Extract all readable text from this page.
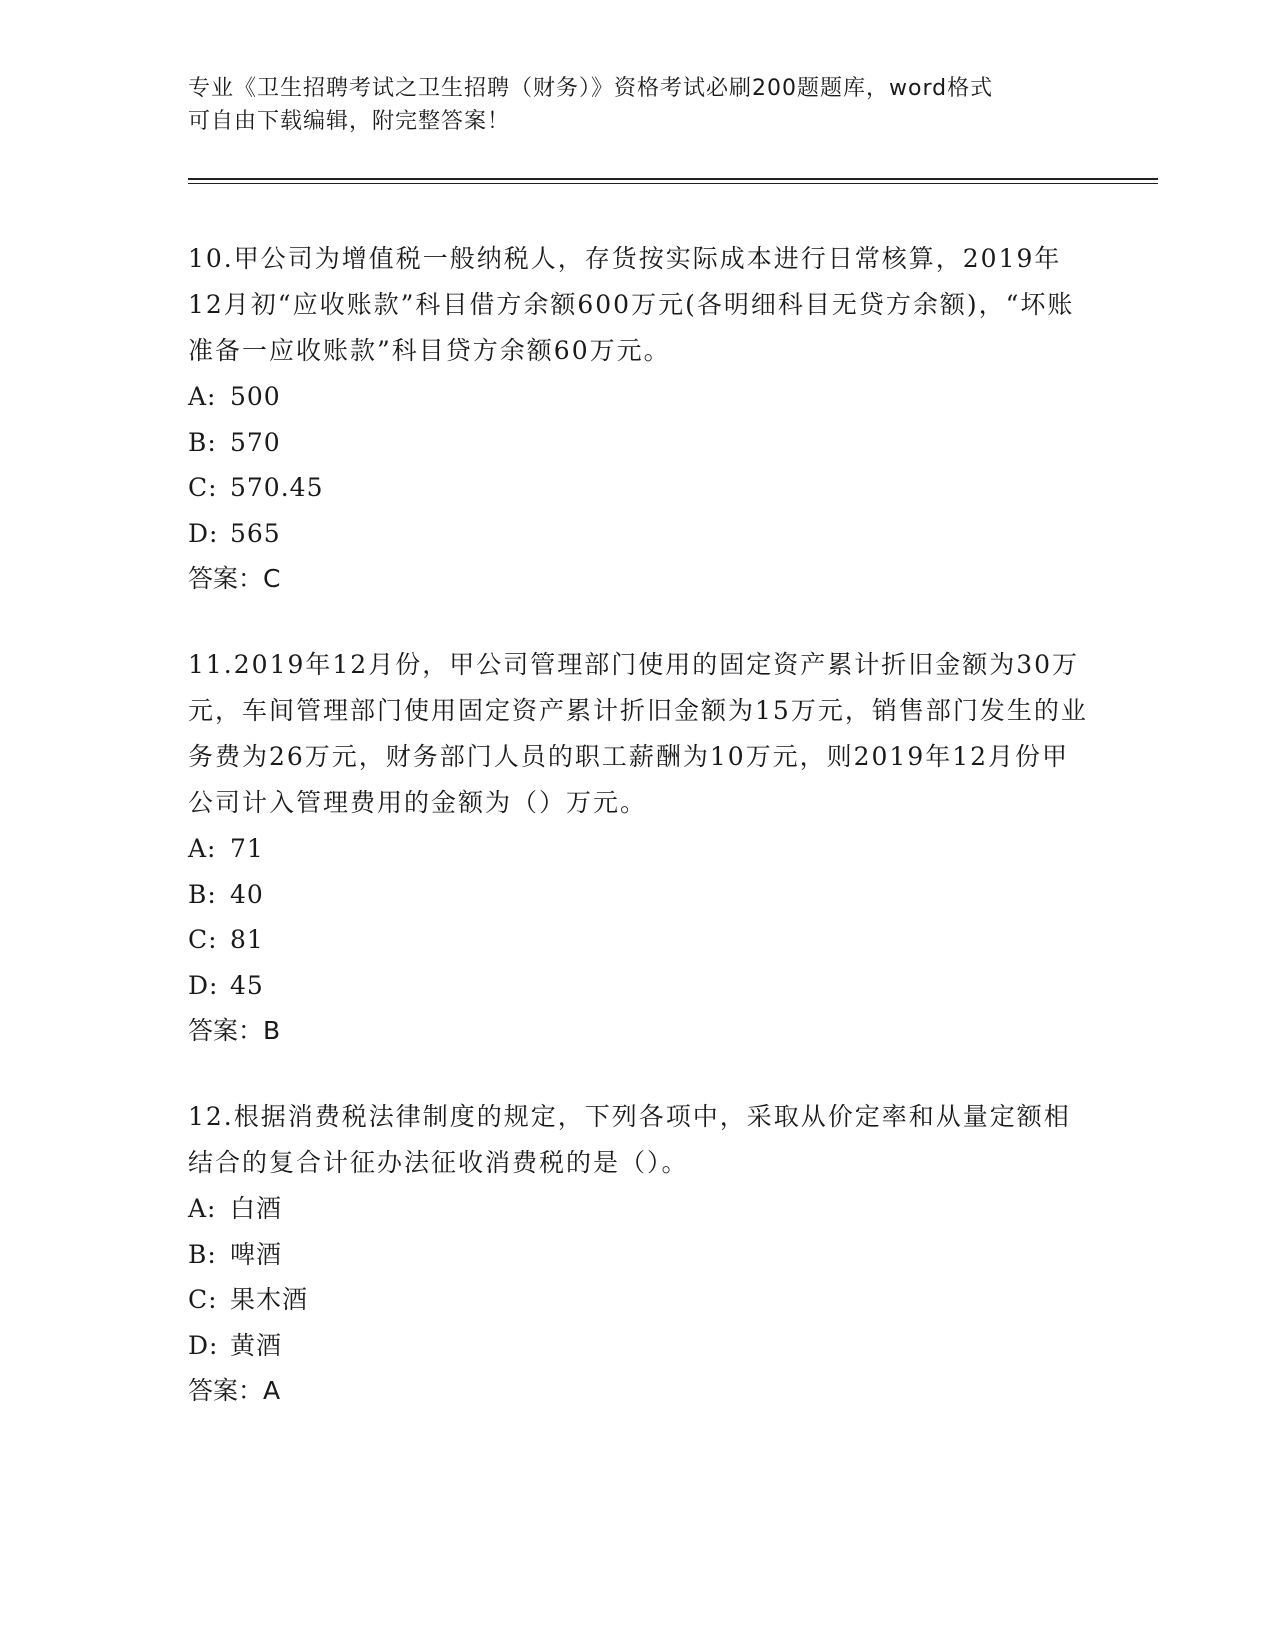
专业《卫生招聘考试之卫生招聘（财务）》资格考试必刷200题题库，word格式
可自由下载编辑，附完整答案！

10.甲公司为增值税一般纳税人，存货按实际成本进行日常核算，2019年12月初“应收账款”科目借方余额600万元(各明细科目无贷方余额)，“坏账准备一应收账款”科目贷方余额60万元。

A: 500

B: 570

C: 570.45

D: 565

答案：C

11.2019年12月份，甲公司管理部门使用的固定资产累计折旧金额为30万元，车间管理部门使用固定资产累计折旧金额为15万元，销售部门发生的业务费为26万元，财务部门人员的职工薪酬为10万元，则2019年12月份甲公司计入管理费用的金额为（）万元。

A: 71

B: 40

C: 81

D: 45

答案：B

12.根据消费税法律制度的规定，下列各项中，采取从价定率和从量定额相结合的复合计征办法征收消费税的是（）。

A: 白酒

B: 啤酒

C: 果木酒

D: 黄酒

答案：A
